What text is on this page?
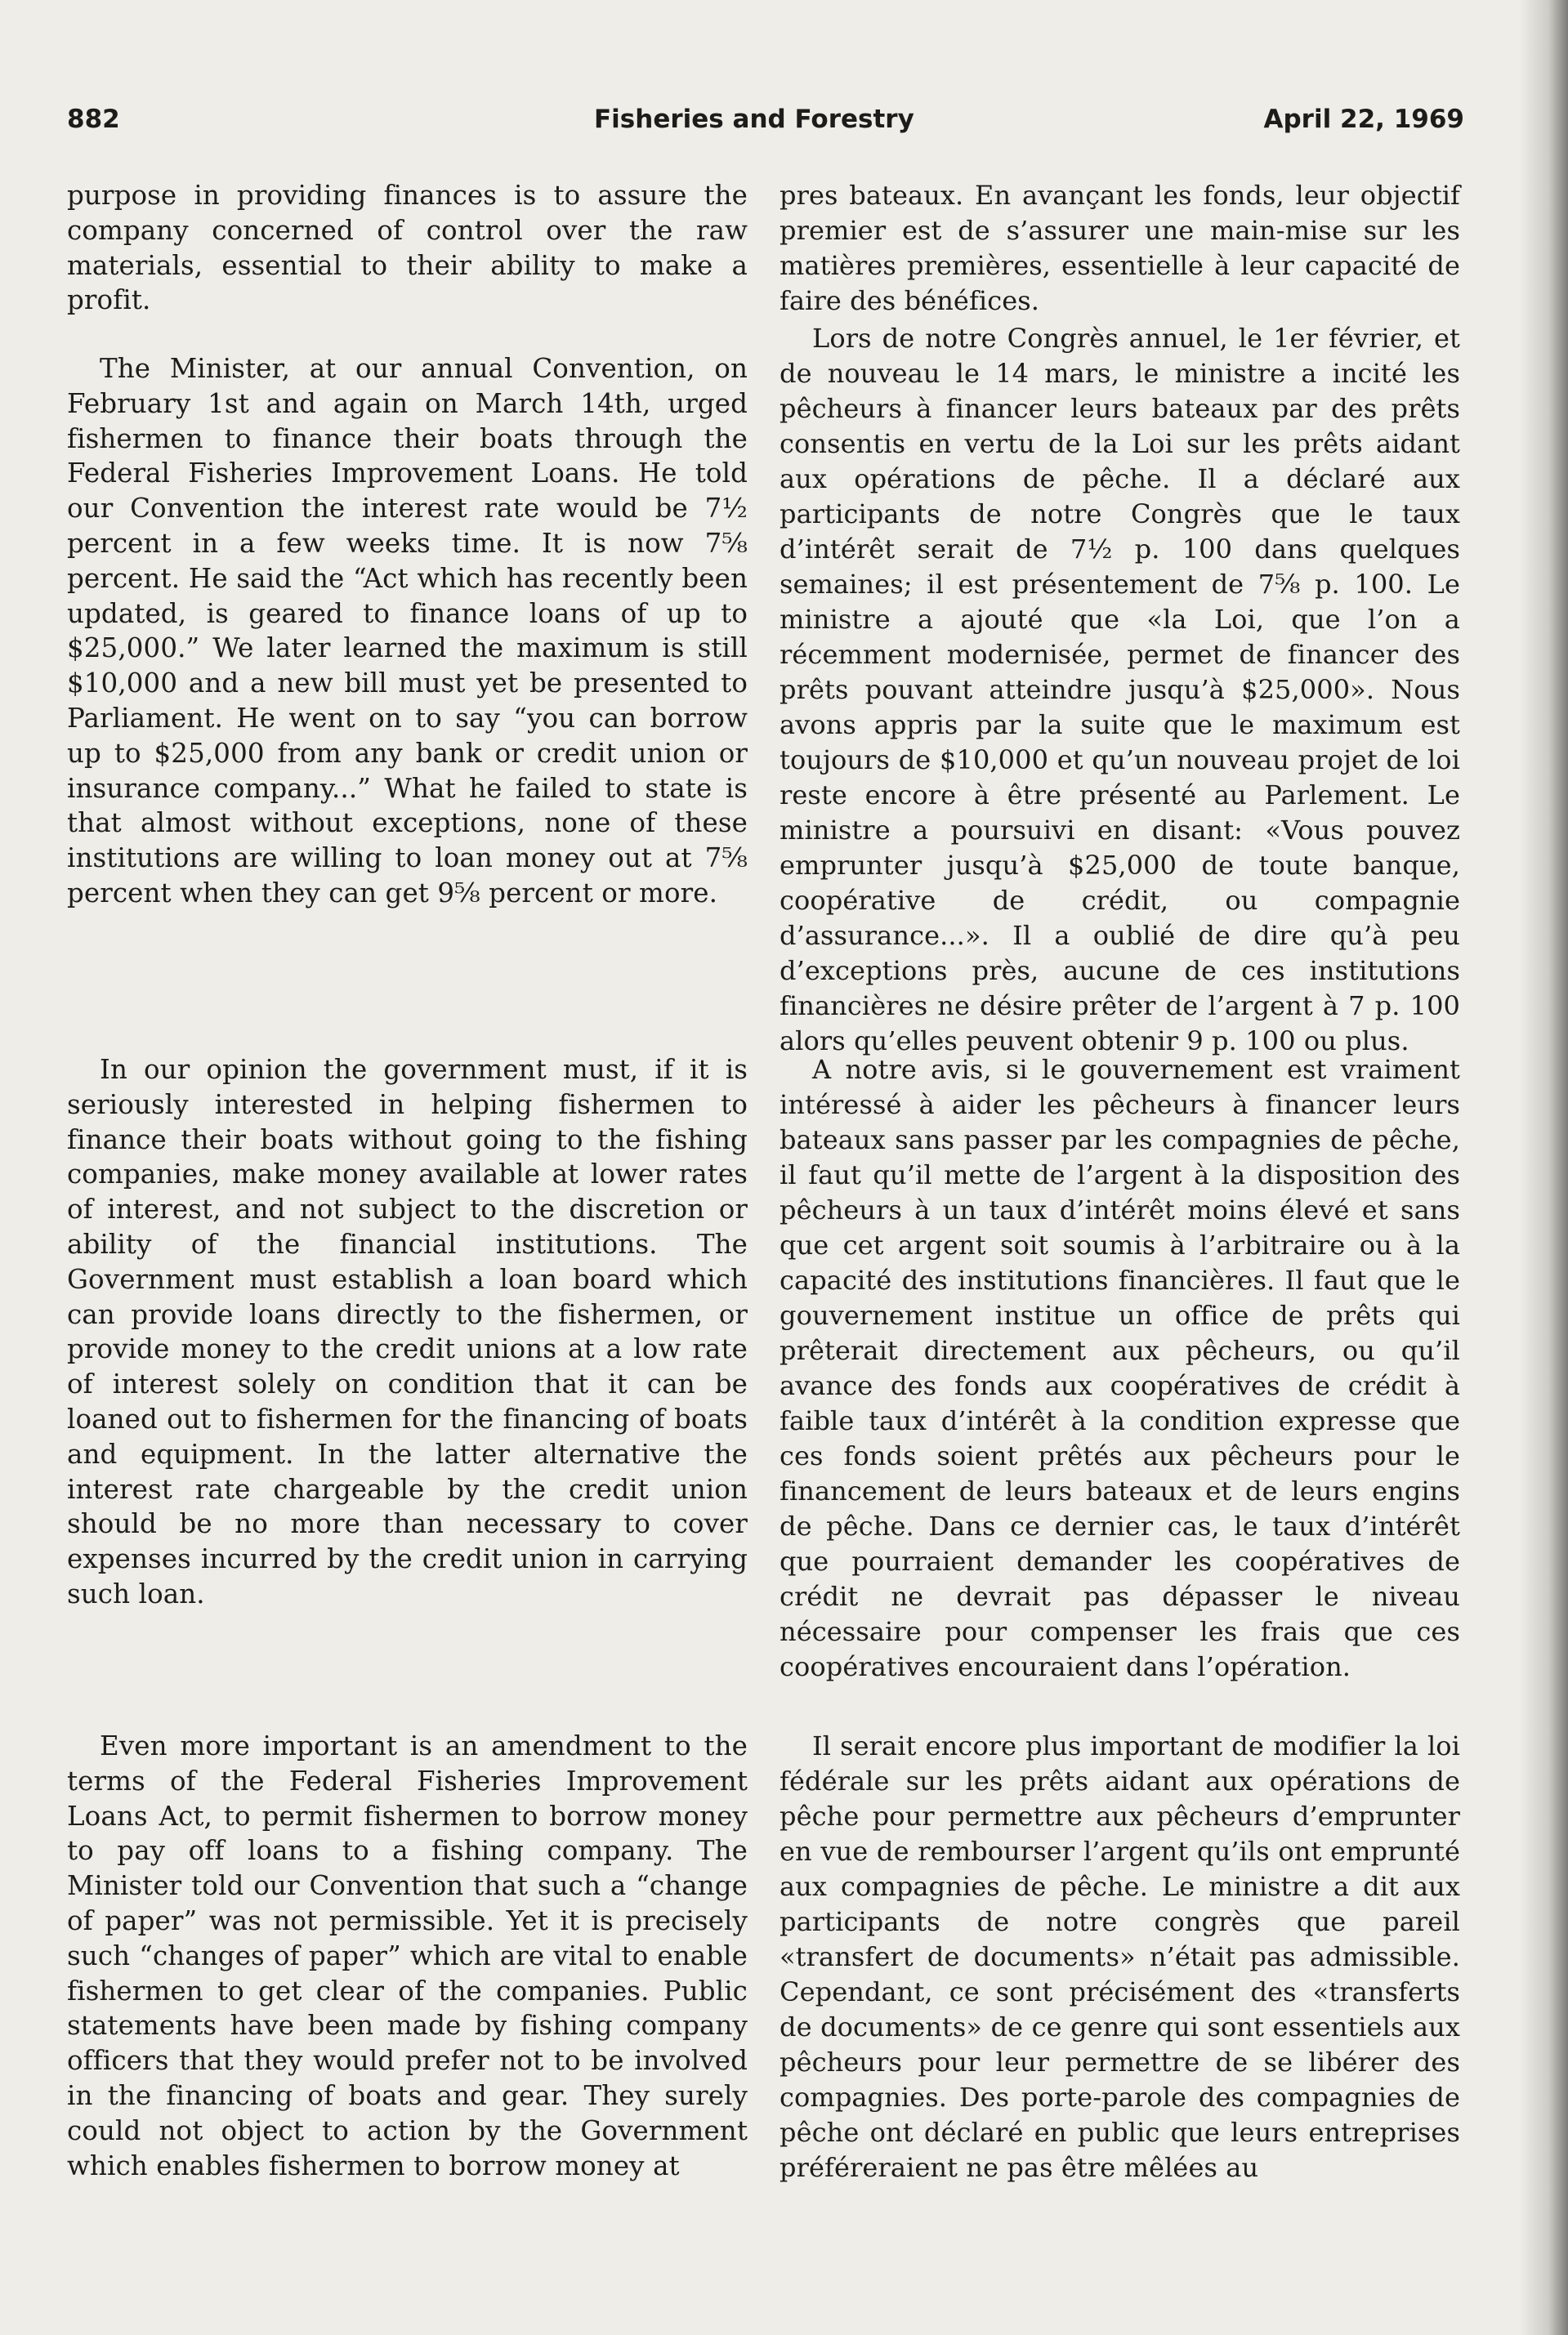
882	Fisheries and Forestry	April 22, 1969

purpose in providing finances is to assure the company concerned of control over the raw materials, essential to their ability to make a profit.

The Minister, at our annual Convention, on February 1st and again on March 14th, urged fishermen to finance their boats through the Federal Fisheries Improvement Loans. He told our Convention the interest rate would be 7½ percent in a few weeks time. It is now 7⅝ percent. He said the “Act which has recently been updated, is geared to finance loans of up to $25,000.” We later learned the maximum is still $10,000 and a new bill must yet be presented to Parliament. He went on to say “you can borrow up to $25,000 from any bank or credit union or insurance company...” What he failed to state is that almost without exceptions, none of these institutions are willing to loan money out at 7⅝ percent when they can get 9⅝ percent or more.

In our opinion the government must, if it is seriously interested in helping fishermen to finance their boats without going to the fishing companies, make money available at lower rates of interest, and not subject to the discretion or ability of the financial institutions. The Government must establish a loan board which can provide loans directly to the fishermen, or provide money to the credit unions at a low rate of interest solely on condition that it can be loaned out to fishermen for the financing of boats and equipment. In the latter alternative the interest rate chargeable by the credit union should be no more than necessary to cover expenses incurred by the credit union in carrying such loan.

Even more important is an amendment to the terms of the Federal Fisheries Improvement Loans Act, to permit fishermen to borrow money to pay off loans to a fishing company. The Minister told our Convention that such a “change of paper” was not permissible. Yet it is precisely such “changes of paper” which are vital to enable fishermen to get clear of the companies. Public statements have been made by fishing company officers that they would prefer not to be involved in the financing of boats and gear. They surely could not object to action by the Government which enables fishermen to borrow money at

pres bateaux. En avançant les fonds, leur objectif premier est de s’assurer une main-mise sur les matières premières, essentielle à leur capacité de faire des bénéfices.

Lors de notre Congrès annuel, le 1er février, et de nouveau le 14 mars, le ministre a incité les pêcheurs à financer leurs bateaux par des prêts consentis en vertu de la Loi sur les prêts aidant aux opérations de pêche. Il a déclaré aux participants de notre Congrès que le taux d’intérêt serait de 7½ p. 100 dans quelques semaines; il est présentement de 7⅝ p. 100. Le ministre a ajouté que «la Loi, que l’on a récemment modernisée, permet de financer des prêts pouvant atteindre jusqu’à $25,000». Nous avons appris par la suite que le maximum est toujours de $10,000 et qu’un nouveau projet de loi reste encore à être présenté au Parlement. Le ministre a poursuivi en disant: «Vous pouvez emprunter jusqu’à $25,000 de toute banque, coopérative de crédit, ou compagnie d’assurance...». Il a oublié de dire qu’à peu d’exceptions près, aucune de ces institutions financières ne désire prêter de l’argent à 7 p. 100 alors qu’elles peuvent obtenir 9 p. 100 ou plus.

A notre avis, si le gouvernement est vraiment intéressé à aider les pêcheurs à financer leurs bateaux sans passer par les compagnies de pêche, il faut qu’il mette de l’argent à la disposition des pêcheurs à un taux d’intérêt moins élevé et sans que cet argent soit soumis à l’arbitraire ou à la capacité des institutions financières. Il faut que le gouvernement institue un office de prêts qui prêterait directement aux pêcheurs, ou qu’il avance des fonds aux coopératives de crédit à faible taux d’intérêt à la condition expresse que ces fonds soient prêtés aux pêcheurs pour le financement de leurs bateaux et de leurs engins de pêche. Dans ce dernier cas, le taux d’intérêt que pourraient demander les coopératives de crédit ne devrait pas dépasser le niveau nécessaire pour compenser les frais que ces coopératives encouraient dans l’opération.

Il serait encore plus important de modifier la loi fédérale sur les prêts aidant aux opérations de pêche pour permettre aux pêcheurs d’emprunter en vue de rembourser l’argent qu’ils ont emprunté aux compagnies de pêche. Le ministre a dit aux participants de notre congrès que pareil «transfert de documents» n’était pas admissible. Cependant, ce sont précisément des «transferts de documents» de ce genre qui sont essentiels aux pêcheurs pour leur permettre de se libérer des compagnies. Des porte-parole des compagnies de pêche ont déclaré en public que leurs entreprises préféreraient ne pas être mêlées au
